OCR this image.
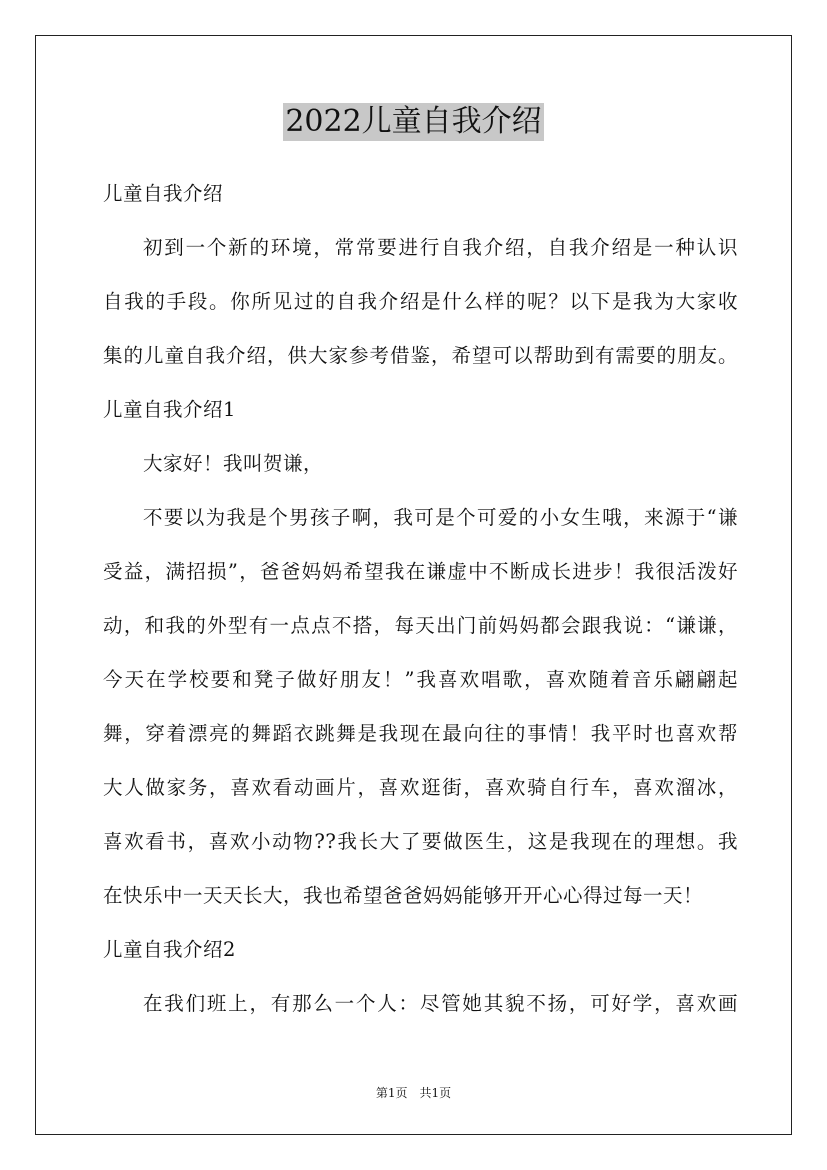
2022儿童自我介绍
儿童自我介绍
初到一个新的环境，常常要进行自我介绍，自我介绍是一种认识
自我的手段。你所见过的自我介绍是什么样的呢？以下是我为大家收
集的儿童自我介绍，供大家参考借鉴，希望可以帮助到有需要的朋友。
儿童自我介绍1
大家好！我叫贺谦，
不要以为我是个男孩子啊，我可是个可爱的小女生哦，来源于“谦
受益，满招损”，爸爸妈妈希望我在谦虚中不断成长进步！我很活泼好
动，和我的外型有一点点不搭，每天出门前妈妈都会跟我说：“谦谦，
今天在学校要和凳子做好朋友！”我喜欢唱歌，喜欢随着音乐翩翩起
舞，穿着漂亮的舞蹈衣跳舞是我现在最向往的事情！我平时也喜欢帮
大人做家务，喜欢看动画片，喜欢逛街，喜欢骑自行车，喜欢溜冰，
喜欢看书，喜欢小动物??我长大了要做医生，这是我现在的理想。我
在快乐中一天天长大，我也希望爸爸妈妈能够开开心心得过每一天！
儿童自我介绍2
在我们班上，有那么一个人：尽管她其貌不扬，可好学，喜欢画
第1页　共1页
